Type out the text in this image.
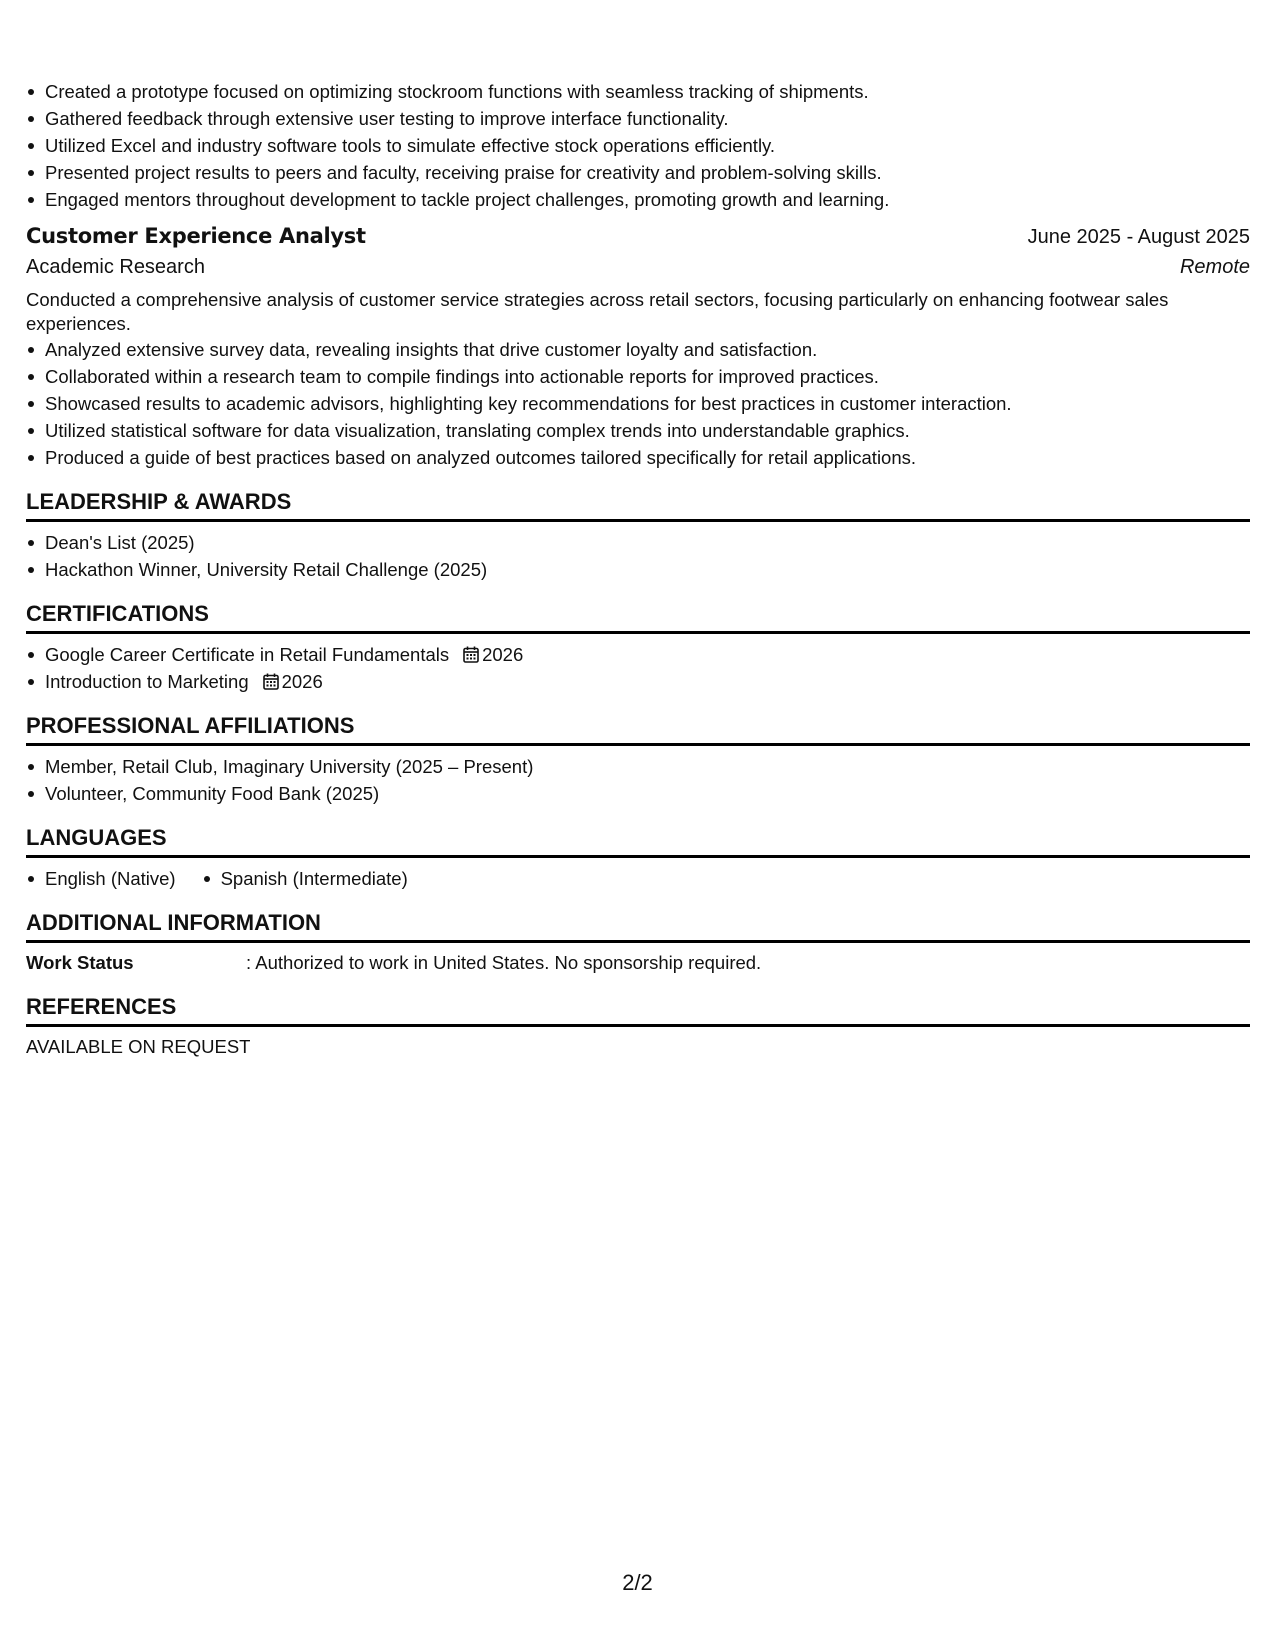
Created a prototype focused on optimizing stockroom functions with seamless tracking of shipments.
Gathered feedback through extensive user testing to improve interface functionality.
Utilized Excel and industry software tools to simulate effective stock operations efficiently.
Presented project results to peers and faculty, receiving praise for creativity and problem-solving skills.
Engaged mentors throughout development to tackle project challenges, promoting growth and learning.
Customer Experience Analyst	June 2025 - August 2025
Academic Research	Remote
Conducted a comprehensive analysis of customer service strategies across retail sectors, focusing particularly on enhancing footwear sales experiences.
Analyzed extensive survey data, revealing insights that drive customer loyalty and satisfaction.
Collaborated within a research team to compile findings into actionable reports for improved practices.
Showcased results to academic advisors, highlighting key recommendations for best practices in customer interaction.
Utilized statistical software for data visualization, translating complex trends into understandable graphics.
Produced a guide of best practices based on analyzed outcomes tailored specifically for retail applications.
LEADERSHIP & AWARDS
Dean's List (2025)
Hackathon Winner, University Retail Challenge (2025)
CERTIFICATIONS
Google Career Certificate in Retail Fundamentals 2026
Introduction to Marketing 2026
PROFESSIONAL AFFILIATIONS
Member, Retail Club, Imaginary University (2025 – Present)
Volunteer, Community Food Bank (2025)
LANGUAGES
English (Native)	Spanish (Intermediate)
ADDITIONAL INFORMATION
Work Status	: Authorized to work in United States. No sponsorship required.
REFERENCES
AVAILABLE ON REQUEST
2/2
